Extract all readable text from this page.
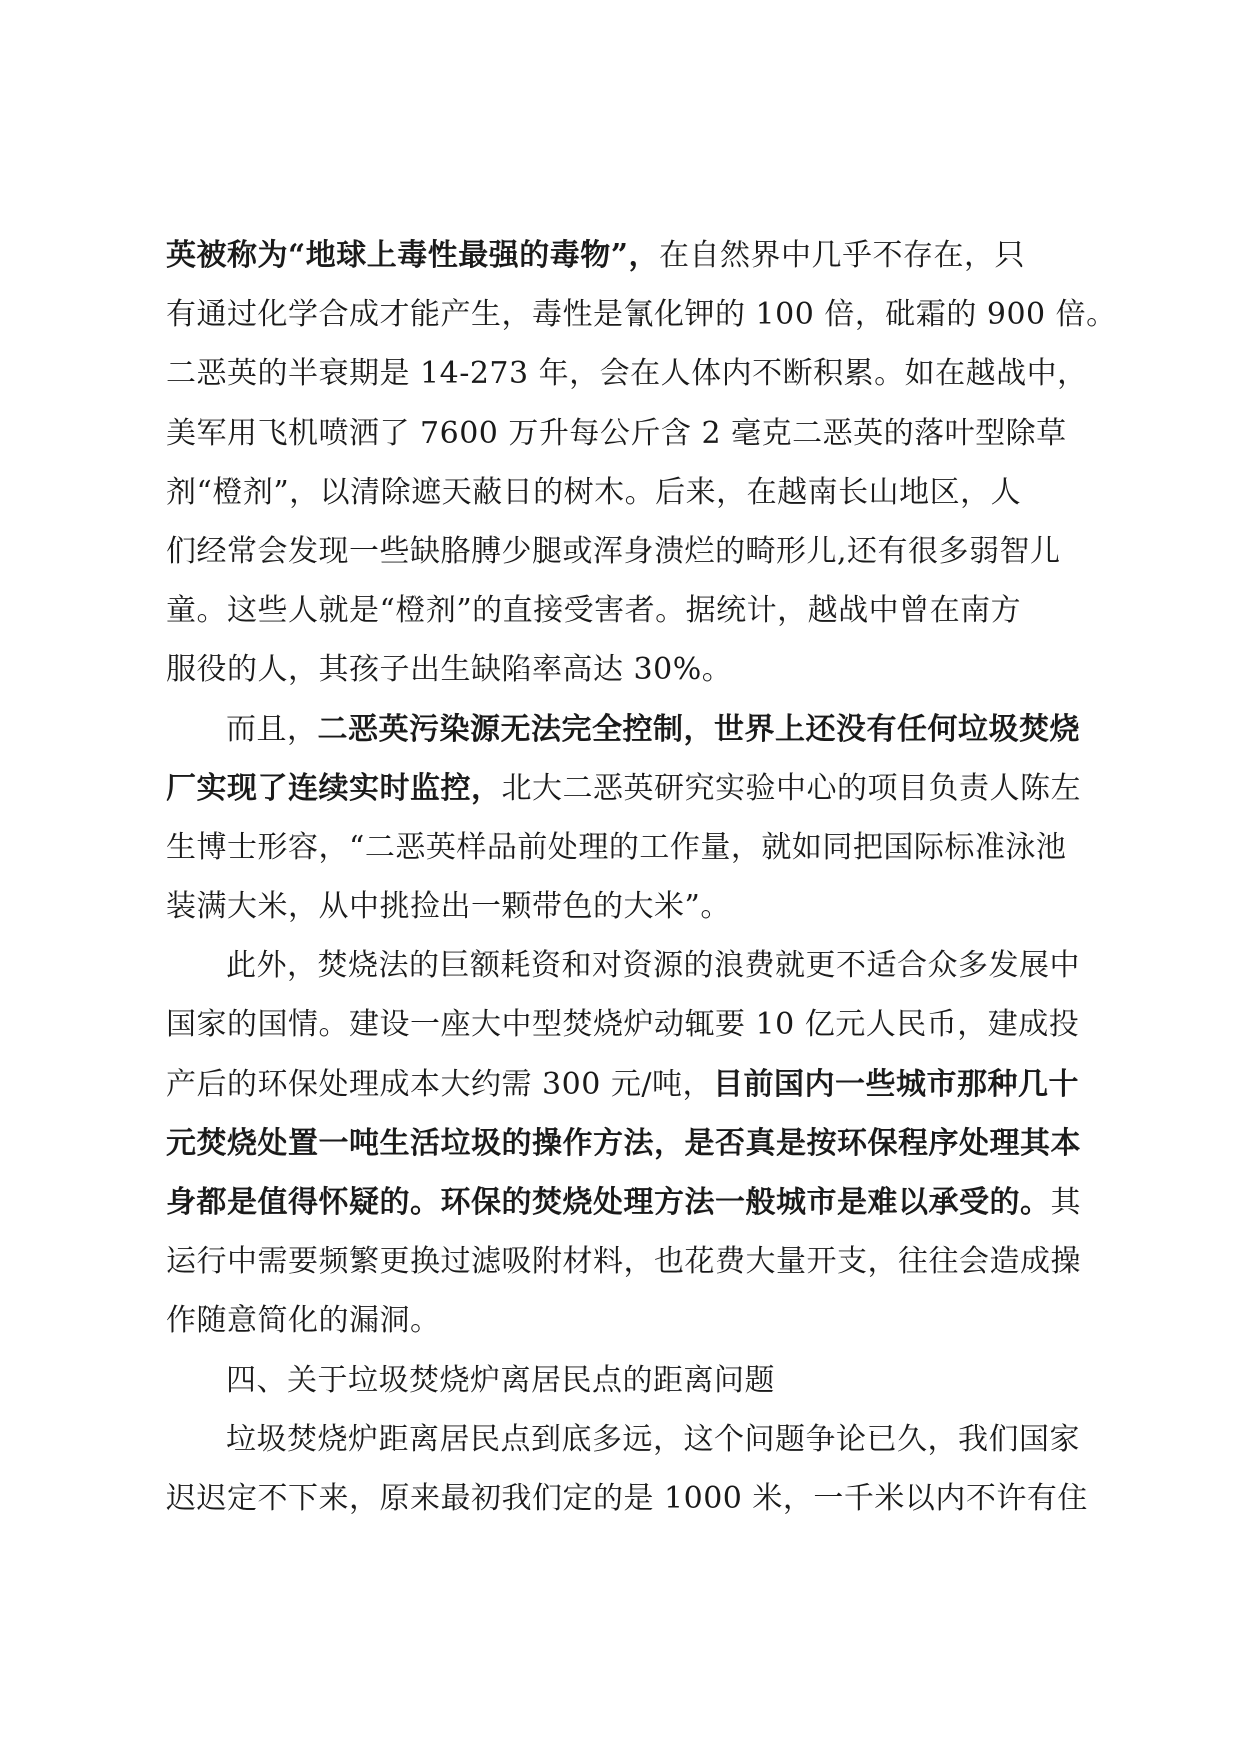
英被称为“地球上毒性最强的毒物”，在自然界中几乎不存在，只
有通过化学合成才能产生，毒性是氰化钾的 100 倍，砒霜的 900 倍。
二恶英的半衰期是 14-273 年，会在人体内不断积累。如在越战中，
美军用飞机喷洒了 7600 万升每公斤含 2 毫克二恶英的落叶型除草
剂“橙剂”，以清除遮天蔽日的树木。后来，在越南长山地区，人
们经常会发现一些缺胳膊少腿或浑身溃烂的畸形儿,还有很多弱智儿
童。这些人就是“橙剂”的直接受害者。据统计，越战中曾在南方
服役的人，其孩子出生缺陷率高达 30%。
而且，二恶英污染源无法完全控制，世界上还没有任何垃圾焚烧
厂实现了连续实时监控，北大二恶英研究实验中心的项目负责人陈左
生博士形容，“二恶英样品前处理的工作量，就如同把国际标准泳池
装满大米，从中挑捡出一颗带色的大米”。
此外，焚烧法的巨额耗资和对资源的浪费就更不适合众多发展中
国家的国情。建设一座大中型焚烧炉动辄要 10 亿元人民币，建成投
产后的环保处理成本大约需 300 元/吨，目前国内一些城市那种几十
元焚烧处置一吨生活垃圾的操作方法，是否真是按环保程序处理其本
身都是值得怀疑的。环保的焚烧处理方法一般城市是难以承受的。其
运行中需要频繁更换过滤吸附材料，也花费大量开支，往往会造成操
作随意简化的漏洞。
四、关于垃圾焚烧炉离居民点的距离问题
垃圾焚烧炉距离居民点到底多远，这个问题争论已久，我们国家
迟迟定不下来，原来最初我们定的是 1000 米，一千米以内不许有住
